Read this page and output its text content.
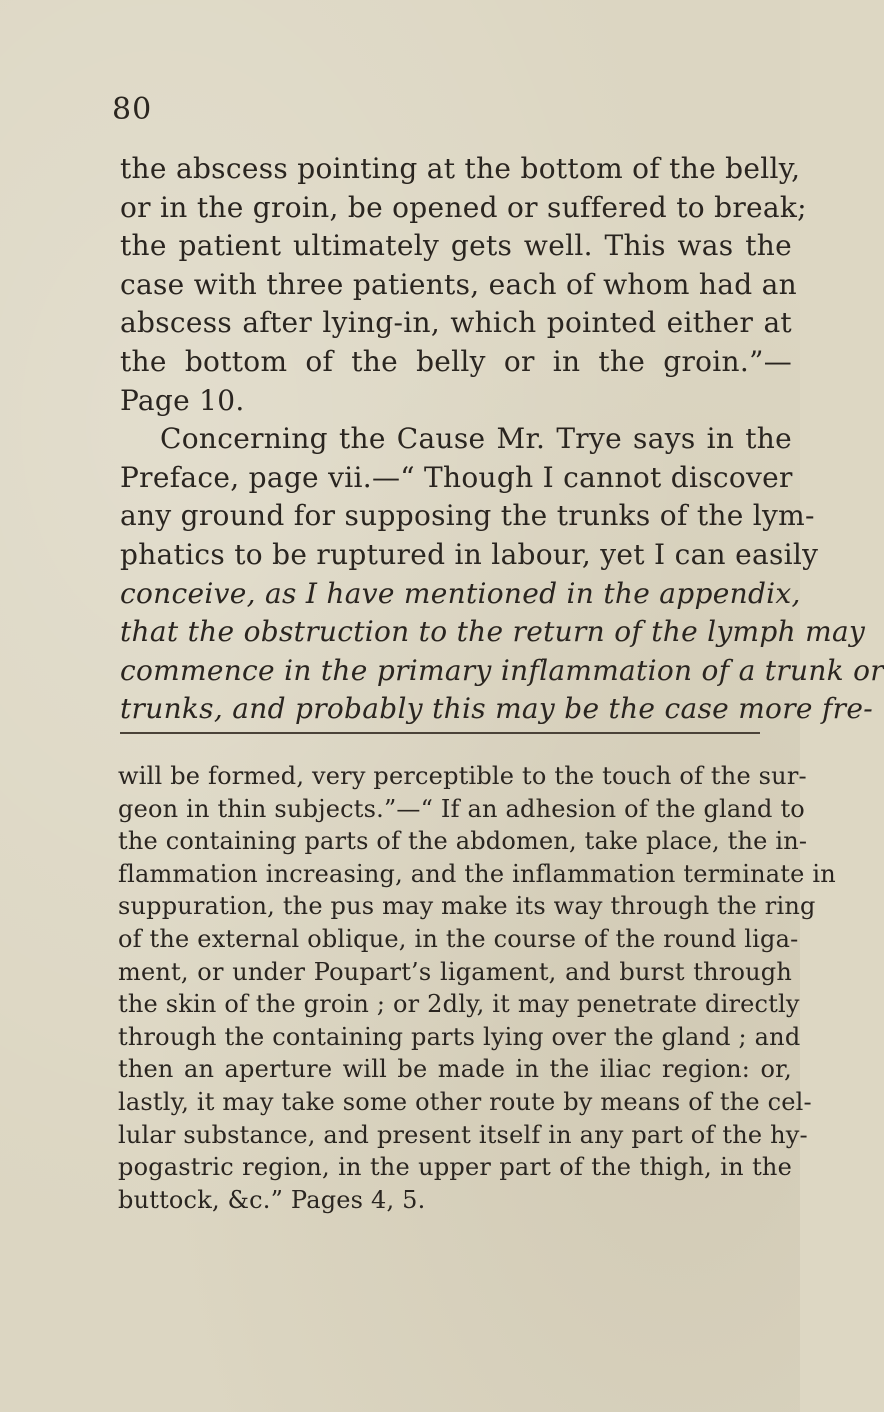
80
the abscess pointing at the bottom of the belly,
or in the groin, be opened or suffered to break;
the patient ultimately gets well. This was the
case with three patients, each of whom had an
abscess after lying-in, which pointed either at
the bottom of the belly or in the groin.”—
Page 10.
Concerning the Cause Mr. Trye says in the
Preface, page vii.—“ Though I cannot discover
any ground for supposing the trunks of the lym-
phatics to be ruptured in labour, yet I can easily
conceive, as I have mentioned in the appendix,
that the obstruction to the return of the lymph may
commence in the primary inflammation of a trunk or
trunks, and probably this may be the case more fre-
will be formed, very perceptible to the touch of the sur-
geon in thin subjects.”—“ If an adhesion of the gland to
the containing parts of the abdomen, take place, the in-
flammation increasing, and the inflammation terminate in
suppuration, the pus may make its way through the ring
of the external oblique, in the course of the round liga-
ment, or under Poupart’s ligament, and burst through
the skin of the groin ; or 2dly, it may penetrate directly
through the containing parts lying over the gland ; and
then an aperture will be made in the iliac region: or,
lastly, it may take some other route by means of the cel-
lular substance, and present itself in any part of the hy-
pogastric region, in the upper part of the thigh, in the
buttock, &c.” Pages 4, 5.
